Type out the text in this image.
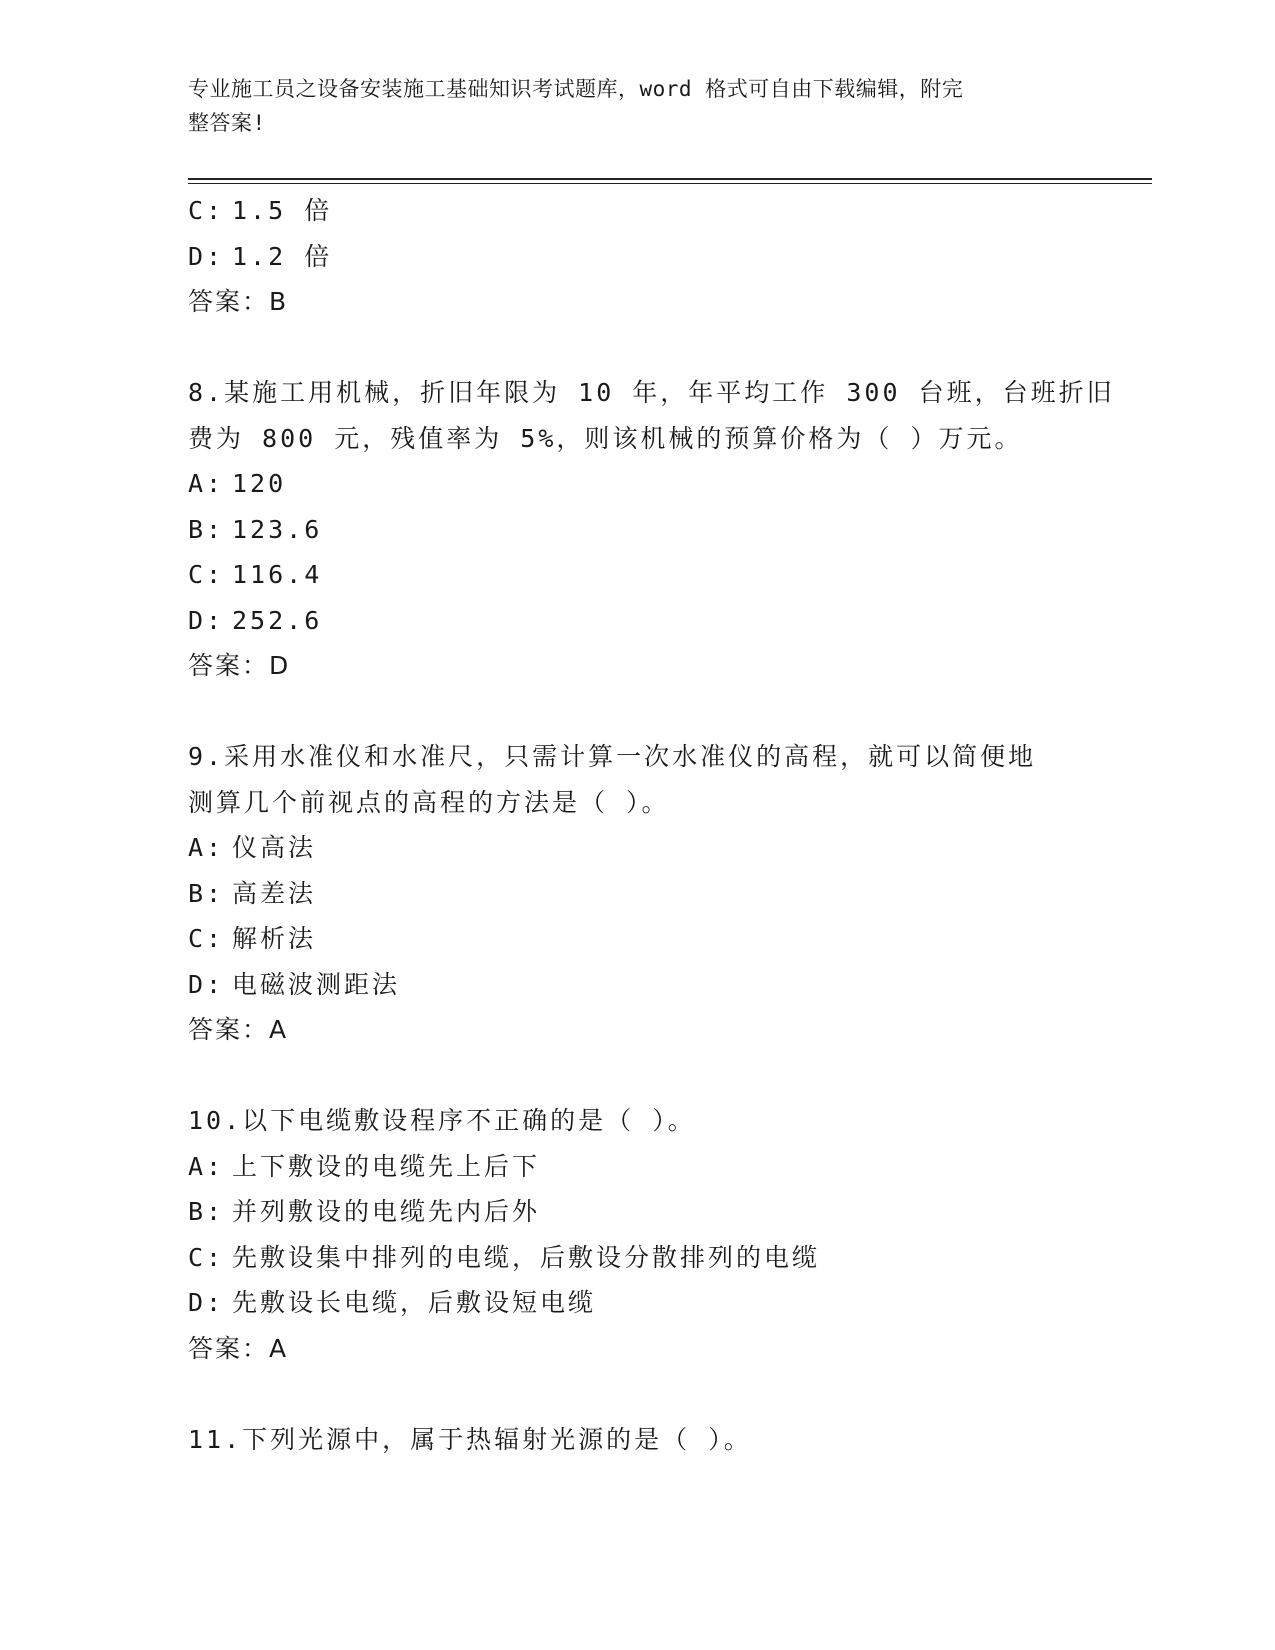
专业施工员之设备安装施工基础知识考试题库，word 格式可自由下载编辑，附完
整答案!
C: 1.5 倍
D: 1.2 倍
答案：B
8.某施工用机械，折旧年限为 10 年，年平均工作 300 台班，台班折旧
费为 800 元，残值率为 5%，则该机械的预算价格为（ ）万元。
A: 120
B: 123.6
C: 116.4
D: 252.6
答案：D
9.采用水准仪和水准尺，只需计算一次水准仪的高程，就可以简便地
测算几个前视点的高程的方法是（ ）。
A: 仪高法
B: 高差法
C: 解析法
D: 电磁波测距法
答案：A
10.以下电缆敷设程序不正确的是（ ）。
A: 上下敷设的电缆先上后下
B: 并列敷设的电缆先内后外
C: 先敷设集中排列的电缆，后敷设分散排列的电缆
D: 先敷设长电缆，后敷设短电缆
答案：A
11.下列光源中，属于热辐射光源的是（ ）。
